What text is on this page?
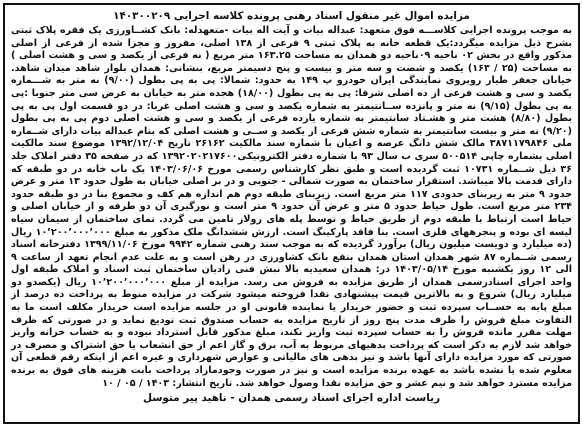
مزایده اموال غیر منقول اسناد رهنی پرونده کلاسه اجرایی ۱۴۰۳۰۰۲۰۹

به موجب پرونده اجرایی کلاســـه فوق متعهد: عبداله بیات و آیت اله بیات -متعهدله: بانک کشــاورزی یک فقره پلاک ثبتی بشرح ذیل مزایده میگردد:یک قطعه خانه به پلاک ثبتی ۹ فرعی از ۱۳۸ اصلی، مفروز و مجزا شده از فرعی از اصلی مذکور واقع در بخش ۰۲ ناحیه ۰۹ناحیه دو همدان به مساحت ۱۶۳.۲۵ متر مربع ( نه فرعی از یکصد و سی و هشت اصلی ) به مساحت (۲۵ / ۱۶۳) یکصد و شصت و سه متر و بیست و پنج دسیمتر مربع، بنشانی: همدان بلوار شاهد میدان شاهد. خیابان جعفر طیار روبروی نمایندگی ایران خودرو پ ۱۴۹ به حدود: شمالا: پی به پی بطول (۹/۰۰) نه متر به شـــماره یکصد و سی و هشت فرعی از ده اصلی شرقا: پی به پی بطول (۱۸/۰۰) هجده متر به خیابان به عرض سی متر جنوبا :پی به پی بطول (۹/۱۵) نه متر و پانزده ســانتیمتر به شماره یکصد و سی و هشت اصلی غربا: در دو قسمت اول پی به پی بطول (۸/۸۰) هشت متر و هشـتاد سانتیمتر به شماره یازده فرعی از یکصد و سی و هشت اصلی دوم پی به پی بطول (۹/۲۰) نه متر و بیست سانتیمتر به شماره شش فرعی از یکصد و ســی و هشت اصلی که بنام عبداله بیات دارای شــماره ملی ۳۸۷۱۱۷۹۸۴۶ مالک شش دانگ عرصه و اعیان با شماره سند مالکیت ۲۶۱۶۲ تاریخ ۱۳۹۲/۱۲/۰۴ موضوع سند مالکیت اصلی بشماره چاپی ۵۰۰۵۱۴ سری ب سال ۹۳ با شماره دفتر الکترونیکی۱۳۹۲۰۲۰۲۱۷۶۰۰ که در صفحه ۳۵ دفتر املاک جلد ۳۶ ذیل شــماره ۱۰۷۳۱ ثبت گردیده است و طبق نظر کارشناس رسمی مورخ ۱۴۰۳/۰۶/۰۶ یک باب خانه در دو طبقه که دارای قدمت بالا میباشد. استقرار ساختمان به صورت شمالی - جنوبی و در بر اصلی خیابان به طول حدود ۱۳ متر و عرض حدود ۹ متر به زیربنای حدودی ۱۱۷ متر مربع است. زیربنای طبقه دوم هم اندازه هم کف و مجموع بنا در دو طبقه حدود ۲۳۴ متر مربع است. طول حیاط حدود ۵ متر و عرض آن حدود ۹ متر است و نورگیری آن دو طرفه و از خیابان اصلی و حیاط است ارتباط با طبقه دوم از طریق حیاط و توسط پله های رولاز تامین می گردد. نمای ساختمان از سیمان سیاه لیسه ای بوده و پنجرههای فلزی است. بنا فاقد پارکینگ است. ارزش ششدانگ ملک مذکور به مبلغ ۱۰٬۲۰۰٬۰۰۰٬۰۰۰ ریال (ده میلیارد و دویست میلیون ریال) برآورد گردیده که به موجب سند رهنی شماره ۹۹۴۲ مورخ ۱۳۹۹/۱۱/۰۶ دفترخانه اسناد رسمی شــماره ۸۷ شهر همدان استان همدان بنفع بانک کشاورزی در رهن است و به علت عدم انجام تعهد از ساعت ۹ الی ۱۲ روز یکشنبه مورخ ۱۴۰۳/۰۵/۱۴ در: همدان سعیدیه بالا نبش فنی زادیان ساختمان ثبت اسناد و املاک طبقه اول واحد اجرای اسنادرسمی همدان از طریق مزایده به فروش می رسد. مزایده از مبلغ ۱۰٬۲۰۰٬۰۰۰٬۰۰۰ ریال (یکصدو دو میلیارد ریال) شروع و به بالاترین قیمت پیشنهادی نقدا فروخته میشود شرکت در مزایده منوط به پرداخت ده درصد از مبلغ پایه به حســاب سپرده ثبت و حضور خریدار یا نماینده قانونی او در جلسه مزایده است خریدار مکلف است ما به التفاوت مبلغ فروش را ظرف مدت پنج روز از تاریخ مزایده به حساب صندوق ثبت تودیع نماید و در صورتی که ظرف مهلت مقرر مانده فروش را به حساب سپرده ثبت واریز نکند، مبلغ مذکور قابل استرداد نبوده و به حساب خزانه واریز خواهد شد لازم به ذکر است که پرداخت بدهیهای مربوط به آب، برق و گاز اعم از حق انشعاب یا حق اشتراک و مصرف در صورتی که مورد مزایده دارای آنها باشد و نیز بدهی های مالیاتی و عوارض شهرداری و غیره اعم از اینکه رقم قطعی آن معلوم شده یا نشده باشد به عهده برنده مزایده است و نیز در صورت وجودمازاد پرداخت بابت هزینه های فوق به برنده مزایده مسترد خواهد شد و نیم عشر و حق مزایده نقدا وصول خواهد شد. تاریخ انتشار: ۱۴۰۳ / ۰۵ / ۱۰

ریاست اداره اجرای اسناد رسمی همدان - ناهید پیر متوسل
